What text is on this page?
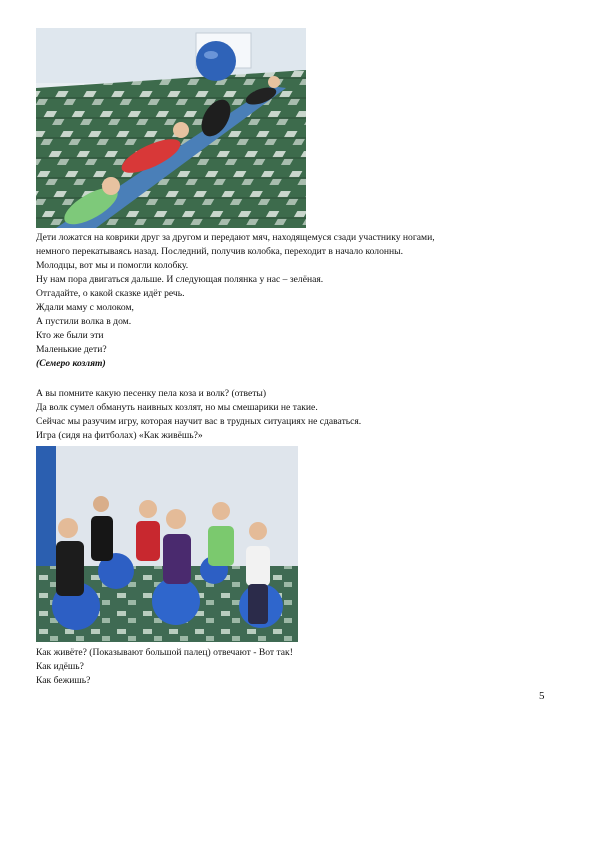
Дети ложатся на коврики друг за другом и передают мяч, находящемуся сзади участнику ногами,
немного перекатываясь назад. Последний, получив колобка, переходит в начало колонны.
Молодцы, вот мы и помогли колобку.
Ну нам пора двигаться дальше. И следующая полянка у нас – зелёная.
Отгадайте, о какой сказке идёт речь.
Ждали маму с молоком,
А пустили волка в дом.
Кто же были эти
Маленькие дети?
(Семеро козлят)
А вы помните какую песенку пела коза и волк? (ответы)
Да волк сумел обмануть наивных козлят, но мы смешарики не такие.
Сейчас мы разучим игру, которая научит вас в трудных ситуациях не сдаваться.
Игра (сидя на фитболах) «Как живёшь?»
Как живёте? (Показывают большой палец) отвечают - Вот так!
Как идёшь?
Как бежишь?
5
